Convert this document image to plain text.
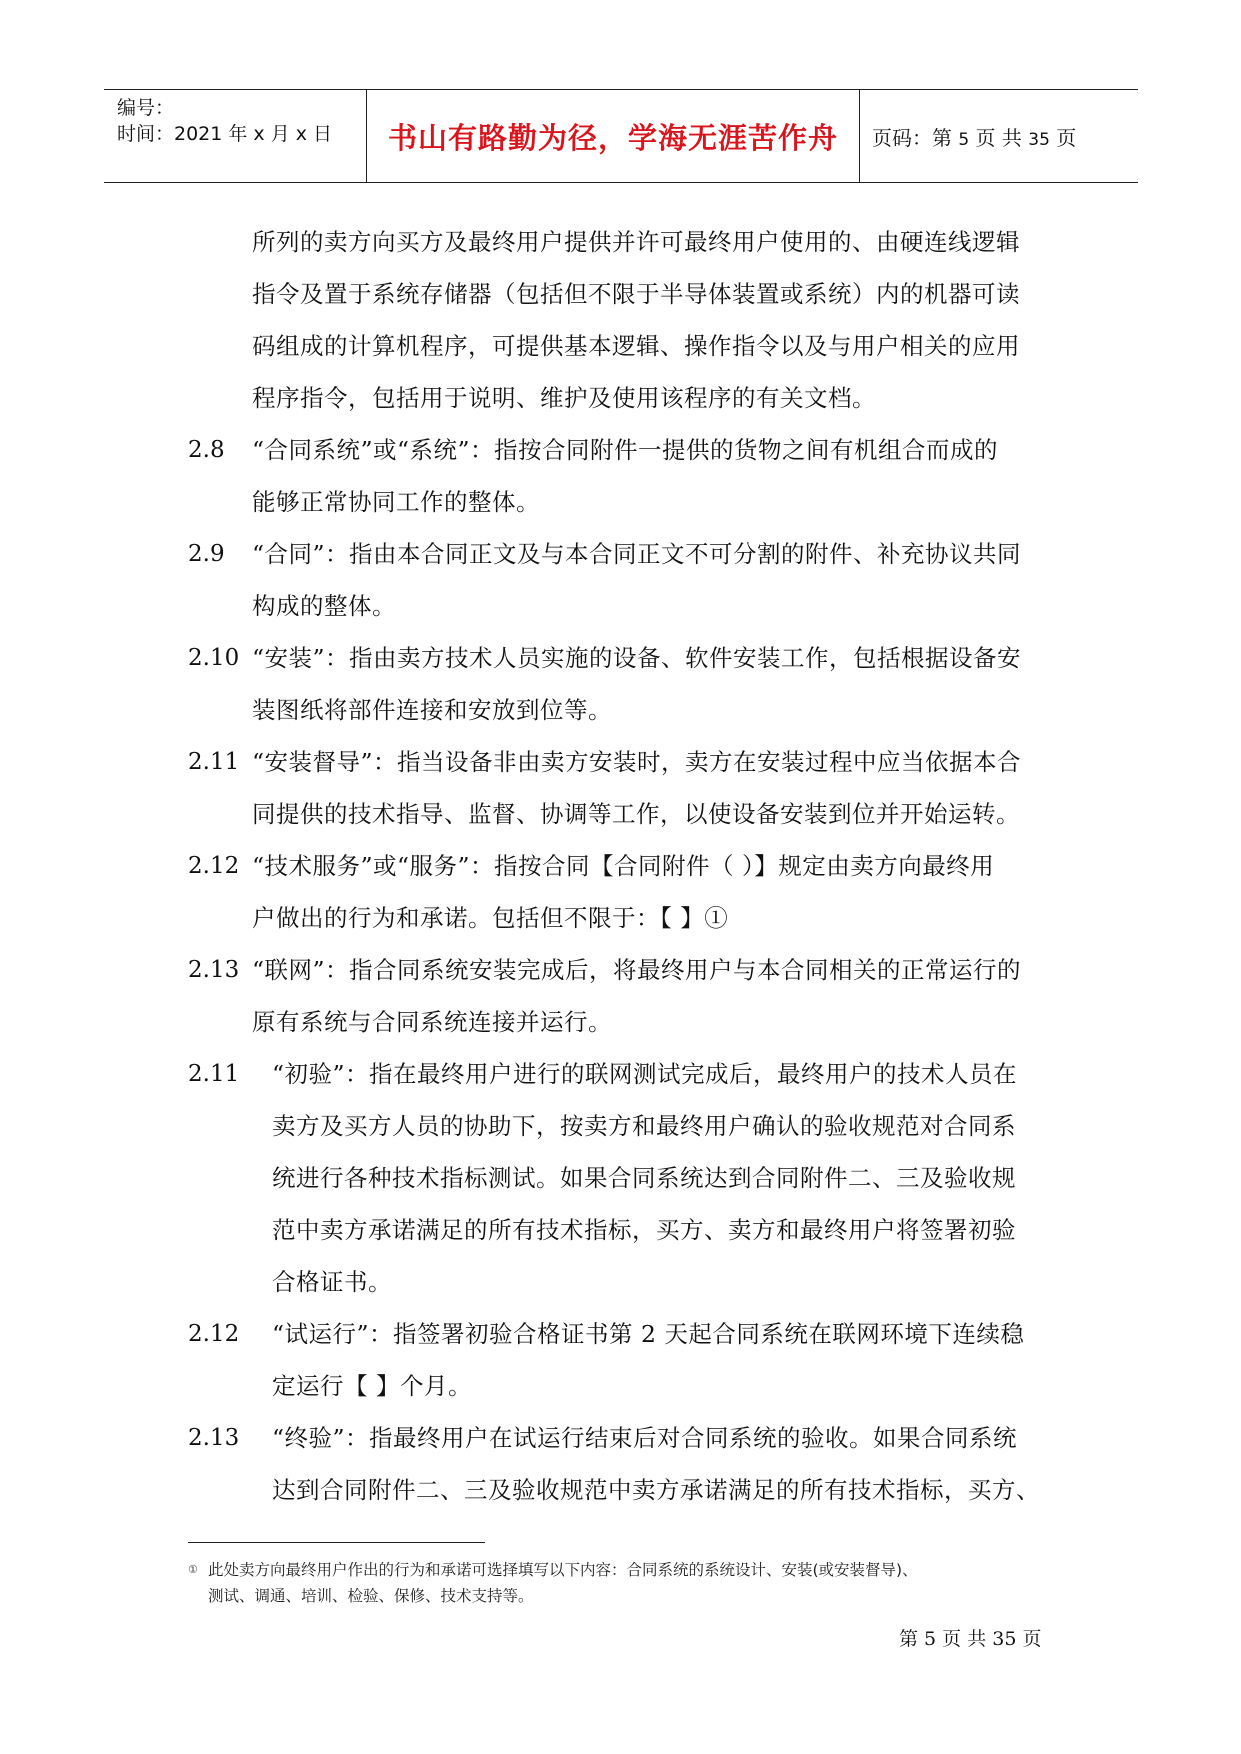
编号：
时间：2021 年 x 月 x 日 书山有路勤为径，学海无涯苦作舟 页码：第 5 页 共 35 页
所列的卖方向买方及最终用户提供并许可最终用户使用的、由硬连线逻辑
指令及置于系统存储器（包括但不限于半导体装置或系统）内的机器可读
码组成的计算机程序，可提供基本逻辑、操作指令以及与用户相关的应用
程序指令，包括用于说明、维护及使用该程序的有关文档。
2.8 “合同系统”或“系统”：指按合同附件一提供的货物之间有机组合而成的
能够正常协同工作的整体。
2.9 “合同”：指由本合同正文及与本合同正文不可分割的附件、补充协议共同
构成的整体。
2.10 “安装”：指由卖方技术人员实施的设备、软件安装工作，包括根据设备安
装图纸将部件连接和安放到位等。
2.11 “安装督导”：指当设备非由卖方安装时，卖方在安装过程中应当依据本合
同提供的技术指导、监督、协调等工作，以使设备安装到位并开始运转。
2.12 “技术服务”或“服务”：指按合同【合同附件（ ）】规定由卖方向最终用
户做出的行为和承诺。包括但不限于：【 】①
2.13 “联网”：指合同系统安装完成后，将最终用户与本合同相关的正常运行的
原有系统与合同系统连接并运行。
2.11 “初验”：指在最终用户进行的联网测试完成后，最终用户的技术人员在
卖方及买方人员的协助下，按卖方和最终用户确认的验收规范对合同系
统进行各种技术指标测试。如果合同系统达到合同附件二、三及验收规
范中卖方承诺满足的所有技术指标，买方、卖方和最终用户将签署初验
合格证书。
2.12 “试运行”：指签署初验合格证书第 2 天起合同系统在联网环境下连续稳
定运行【 】个月。
2.13 “终验”：指最终用户在试运行结束后对合同系统的验收。如果合同系统
达到合同附件二、三及验收规范中卖方承诺满足的所有技术指标，买方、
① 此处卖方向最终用户作出的行为和承诺可选择填写以下内容：合同系统的系统设计、安装(或安装督导)、
测试、调通、培训、检验、保修、技术支持等。
第 5 页 共 35 页
